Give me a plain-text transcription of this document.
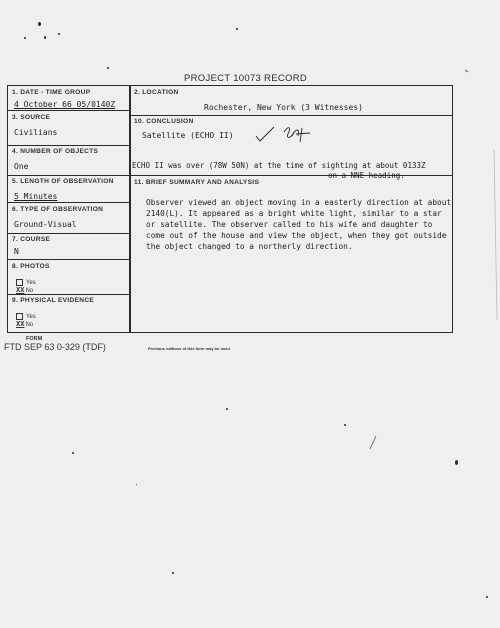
PROJECT 10073 RECORD
1. DATE - TIME GROUP
4 October 66 05/0140Z
3. SOURCE
Civilians
4. NUMBER OF OBJECTS
One
5. LENGTH OF OBSERVATION
5 Minutes
6. TYPE OF OBSERVATION
Ground-Visual
7. COURSE
N
8. PHOTOS
Yes
XXNo
9. PHYSICAL EVIDENCE
Yes
XXNo
2. LOCATION
Rochester, New York (3 Witnesses)
10. CONCLUSION
Satellite (ECHO II)
ECHO II was over (78W 50N) at the time of sighting at about 0133Z
11. BRIEF SUMMARY AND ANALYSIS
on a NNE heading.
Observer viewed an object moving in a easterly direction at about 2140(L). It appeared as a bright white light, similar to a star or satellite. The observer called to his wife and daughter to come out of the house and view the object, when they got outside the object changed to a northerly direction.
FORM
FTD SEP 63 0-329 (TDF)	Previous editions of this form may be used
